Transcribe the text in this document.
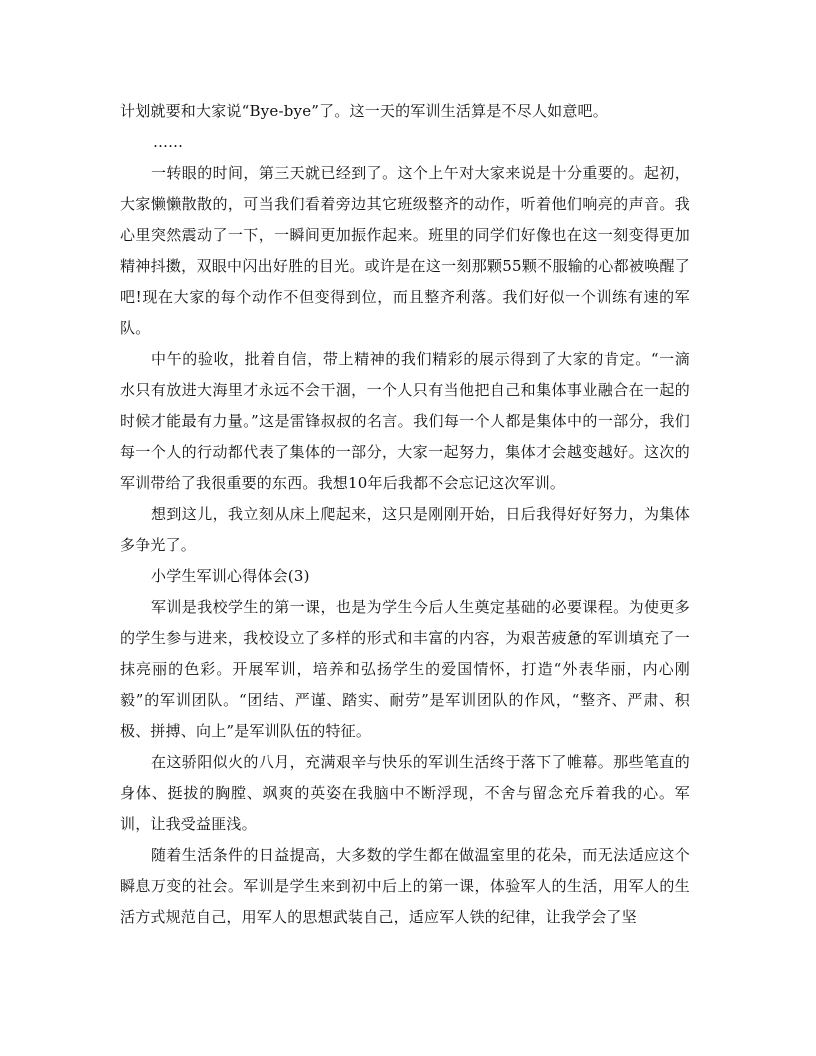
计划就要和大家说“Bye-bye”了。这一天的军训生活算是不尽人如意吧。

……

一转眼的时间，第三天就已经到了。这个上午对大家来说是十分重要的。起初，大家懒懒散散的，可当我们看着旁边其它班级整齐的动作，听着他们响亮的声音。我心里突然震动了一下，一瞬间更加振作起来。班里的同学们好像也在这一刻变得更加精神抖擞，双眼中闪出好胜的目光。或许是在这一刻那颗55颗不服输的心都被唤醒了吧!现在大家的每个动作不但变得到位，而且整齐利落。我们好似一个训练有速的军队。

中午的验收，批着自信，带上精神的我们精彩的展示得到了大家的肯定。“一滴水只有放进大海里才永远不会干涸，一个人只有当他把自己和集体事业融合在一起的时候才能最有力量。”这是雷锋叔叔的名言。我们每一个人都是集体中的一部分，我们每一个人的行动都代表了集体的一部分，大家一起努力，集体才会越变越好。这次的军训带给了我很重要的东西。我想10年后我都不会忘记这次军训。

想到这儿，我立刻从床上爬起来，这只是刚刚开始，日后我得好好努力，为集体多争光了。

小学生军训心得体会(3)

军训是我校学生的第一课，也是为学生今后人生奠定基础的必要课程。为使更多的学生参与进来，我校设立了多样的形式和丰富的内容，为艰苦疲惫的军训填充了一抹亮丽的色彩。开展军训，培养和弘扬学生的爱国情怀，打造“外表华丽，内心刚毅”的军训团队。“团结、严谨、踏实、耐劳”是军训团队的作风，“整齐、严肃、积极、拼搏、向上”是军训队伍的特征。

在这骄阳似火的八月，充满艰辛与快乐的军训生活终于落下了帷幕。那些笔直的身体、挺拔的胸膛、飒爽的英姿在我脑中不断浮现，不舍与留念充斥着我的心。军训，让我受益匪浅。

随着生活条件的日益提高，大多数的学生都在做温室里的花朵，而无法适应这个瞬息万变的社会。军训是学生来到初中后上的第一课，体验军人的生活，用军人的生活方式规范自己，用军人的思想武装自己，适应军人铁的纪律，让我学会了坚
